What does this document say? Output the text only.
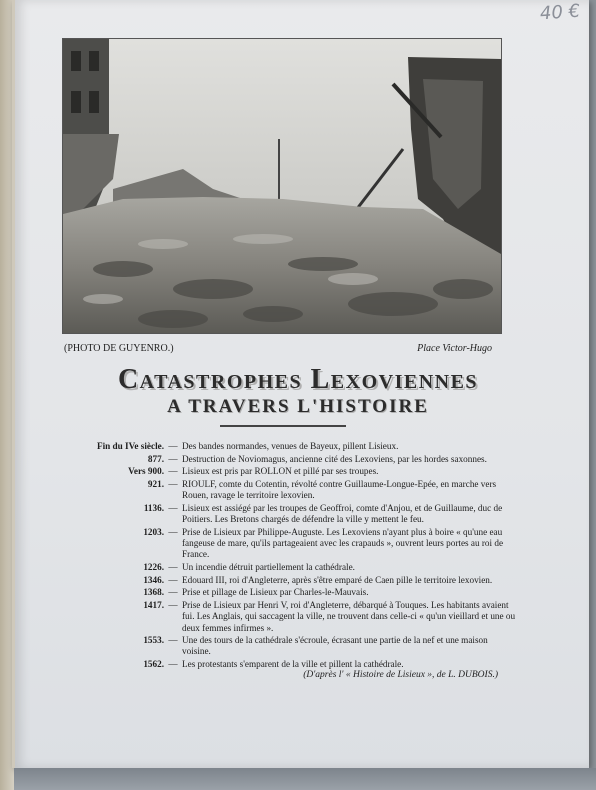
40 €
(PHOTO DE GUYENRO.)	Place Victor-Hugo
Catastrophes Lexoviennes
A TRAVERS L'HISTOIRE
Fin du IVe siècle. — Des bandes normandes, venues de Bayeux, pillent Lisieux.
877. — Destruction de Noviomagus, ancienne cité des Lexoviens, par les hordes saxonnes.
Vers 900. — Lisieux est pris par ROLLON et pillé par ses troupes.
921. — RIOULF, comte du Cotentin, révolté contre Guillaume-Longue-Epée, en marche vers Rouen, ravage le territoire lexovien.
1136. — Lisieux est assiégé par les troupes de Geoffroi, comte d'Anjou, et de Guillaume, duc de Poitiers. Les Bretons chargés de défendre la ville y mettent le feu.
1203. — Prise de Lisieux par Philippe-Auguste. Les Lexoviens n'ayant plus à boire « qu'une eau fangeuse de mare, qu'ils partageaient avec les crapauds », ouvrent leurs portes au roi de France.
1226. — Un incendie détruit partiellement la cathédrale.
1346. — Edouard III, roi d'Angleterre, après s'être emparé de Caen pille le territoire lexovien.
1368. — Prise et pillage de Lisieux par Charles-le-Mauvais.
1417. — Prise de Lisieux par Henri V, roi d'Angleterre, débarqué à Touques. Les habitants avaient fui. Les Anglais, qui saccagent la ville, ne trouvent dans celle-ci « qu'un vieillard et une ou deux femmes infirmes ».
1553. — Une des tours de la cathédrale s'écroule, écrasant une partie de la nef et une maison voisine.
1562. — Les protestants s'emparent de la ville et pillent la cathédrale.
(D'après l' « Histoire de Lisieux », de L. DUBOIS.)
